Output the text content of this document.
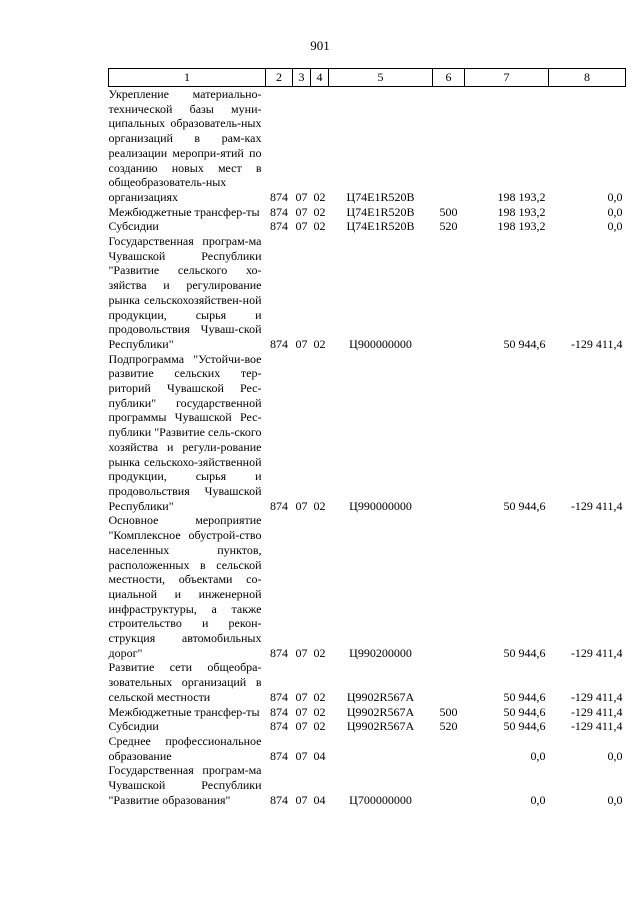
901
1	2	3	4	5	6	7	8
Укрепление материально-технической базы муни-ципальных образователь-ных организаций в рам-ках реализации меропри-ятий по созданию новых мест в общеобразователь-ных организациях	874	07	02	Ц74E1R520В		198 193,2	0,0
Межбюджетные трансфер-ты	874	07	02	Ц74E1R520В	500	198 193,2	0,0
Субсидии	874	07	02	Ц74E1R520В	520	198 193,2	0,0
Государственная програм-ма Чувашской Республики "Развитие сельского хо-зяйства и регулирование рынка сельскохозяйствен-ной продукции, сырья и продовольствия Чуваш-ской Республики"	874	07	02	Ц900000000		50 944,6	-129 411,4
Подпрограмма "Устойчи-вое развитие сельских тер-риторий Чувашской Рес-публики" государственной программы Чувашской Рес-публики "Развитие сель-ского хозяйства и регули-рование рынка сельскохо-зяйственной продукции, сырья и продовольствия Чувашской Республики"	874	07	02	Ц990000000		50 944,6	-129 411,4
Основное мероприятие "Комплексное обустрой-ство населенных пунктов, расположенных в сельской местности, объектами со-циальной и инженерной инфраструктуры, а также строительство и рекон-струкция автомобильных дорог"	874	07	02	Ц990200000		50 944,6	-129 411,4
Развитие сети общеобра-зовательных организаций в сельской местности	874	07	02	Ц9902R567А		50 944,6	-129 411,4
Межбюджетные трансфер-ты	874	07	02	Ц9902R567А	500	50 944,6	-129 411,4
Субсидии	874	07	02	Ц9902R567А	520	50 944,6	-129 411,4
Среднее профессиональное образование	874	07	04			0,0	0,0
Государственная програм-ма Чувашской Республики "Развитие образования"	874	07	04	Ц700000000		0,0	0,0
